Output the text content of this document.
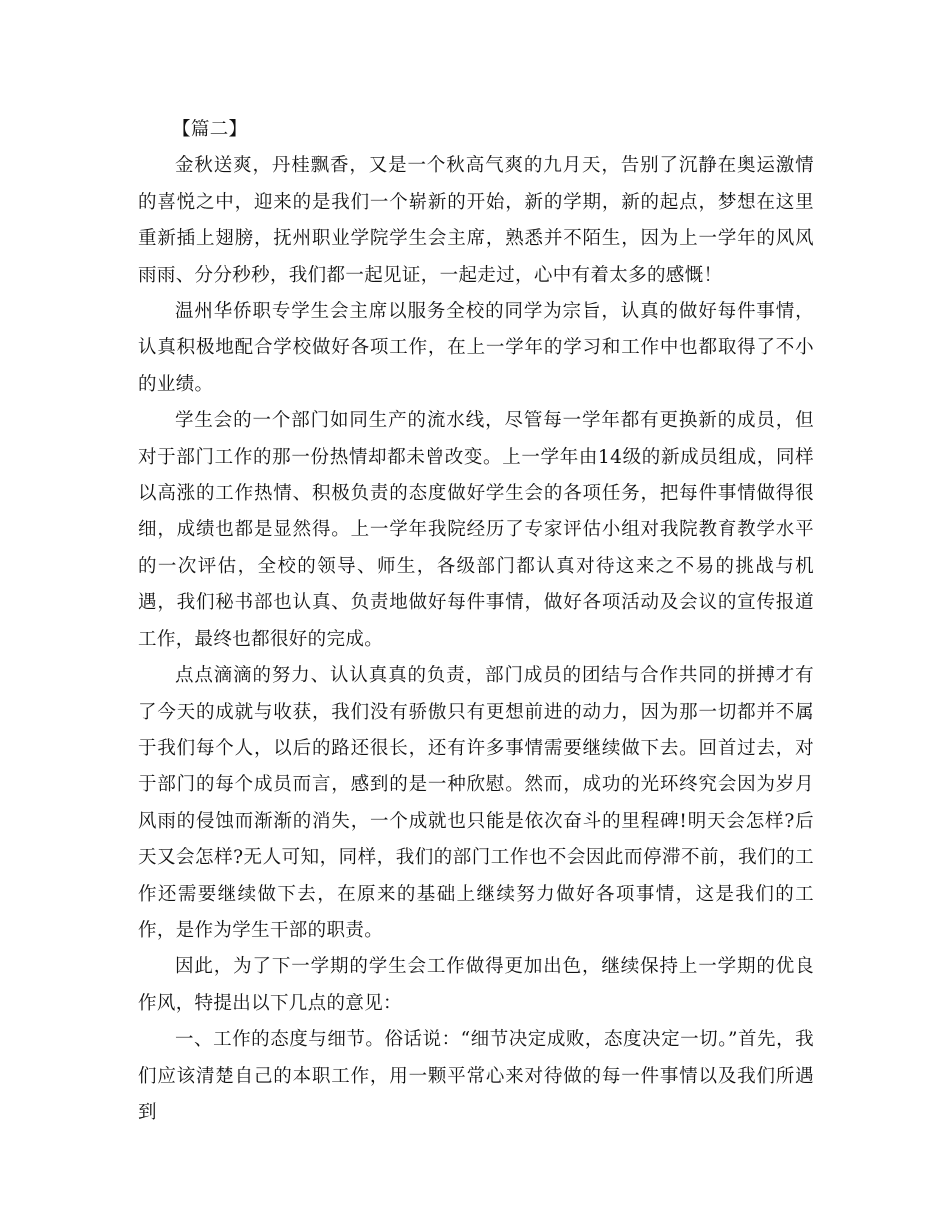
【篇二】

金秋送爽，丹桂飘香，又是一个秋高气爽的九月天，告别了沉静在奥运激情的喜悦之中，迎来的是我们一个崭新的开始，新的学期，新的起点，梦想在这里重新插上翅膀，抚州职业学院学生会主席，熟悉并不陌生，因为上一学年的风风雨雨、分分秒秒，我们都一起见证，一起走过，心中有着太多的感慨！

温州华侨职专学生会主席以服务全校的同学为宗旨，认真的做好每件事情，认真积极地配合学校做好各项工作，在上一学年的学习和工作中也都取得了不小的业绩。

学生会的一个部门如同生产的流水线，尽管每一学年都有更换新的成员，但对于部门工作的那一份热情却都未曾改变。上一学年由14级的新成员组成，同样以高涨的工作热情、积极负责的态度做好学生会的各项任务，把每件事情做得很细，成绩也都是显然得。上一学年我院经历了专家评估小组对我院教育教学水平的一次评估，全校的领导、师生，各级部门都认真对待这来之不易的挑战与机遇，我们秘书部也认真、负责地做好每件事情，做好各项活动及会议的宣传报道工作，最终也都很好的完成。

点点滴滴的努力、认认真真的负责，部门成员的团结与合作共同的拼搏才有了今天的成就与收获，我们没有骄傲只有更想前进的动力，因为那一切都并不属于我们每个人，以后的路还很长，还有许多事情需要继续做下去。回首过去，对于部门的每个成员而言，感到的是一种欣慰。然而，成功的光环终究会因为岁月风雨的侵蚀而渐渐的消失，一个成就也只能是依次奋斗的里程碑!明天会怎样?后天又会怎样?无人可知，同样，我们的部门工作也不会因此而停滞不前，我们的工作还需要继续做下去，在原来的基础上继续努力做好各项事情，这是我们的工作，是作为学生干部的职责。

因此，为了下一学期的学生会工作做得更加出色，继续保持上一学期的优良作风，特提出以下几点的意见：

一、工作的态度与细节。俗话说：“细节决定成败，态度决定一切。”首先，我们应该清楚自己的本职工作，用一颗平常心来对待做的每一件事情以及我们所遇到
